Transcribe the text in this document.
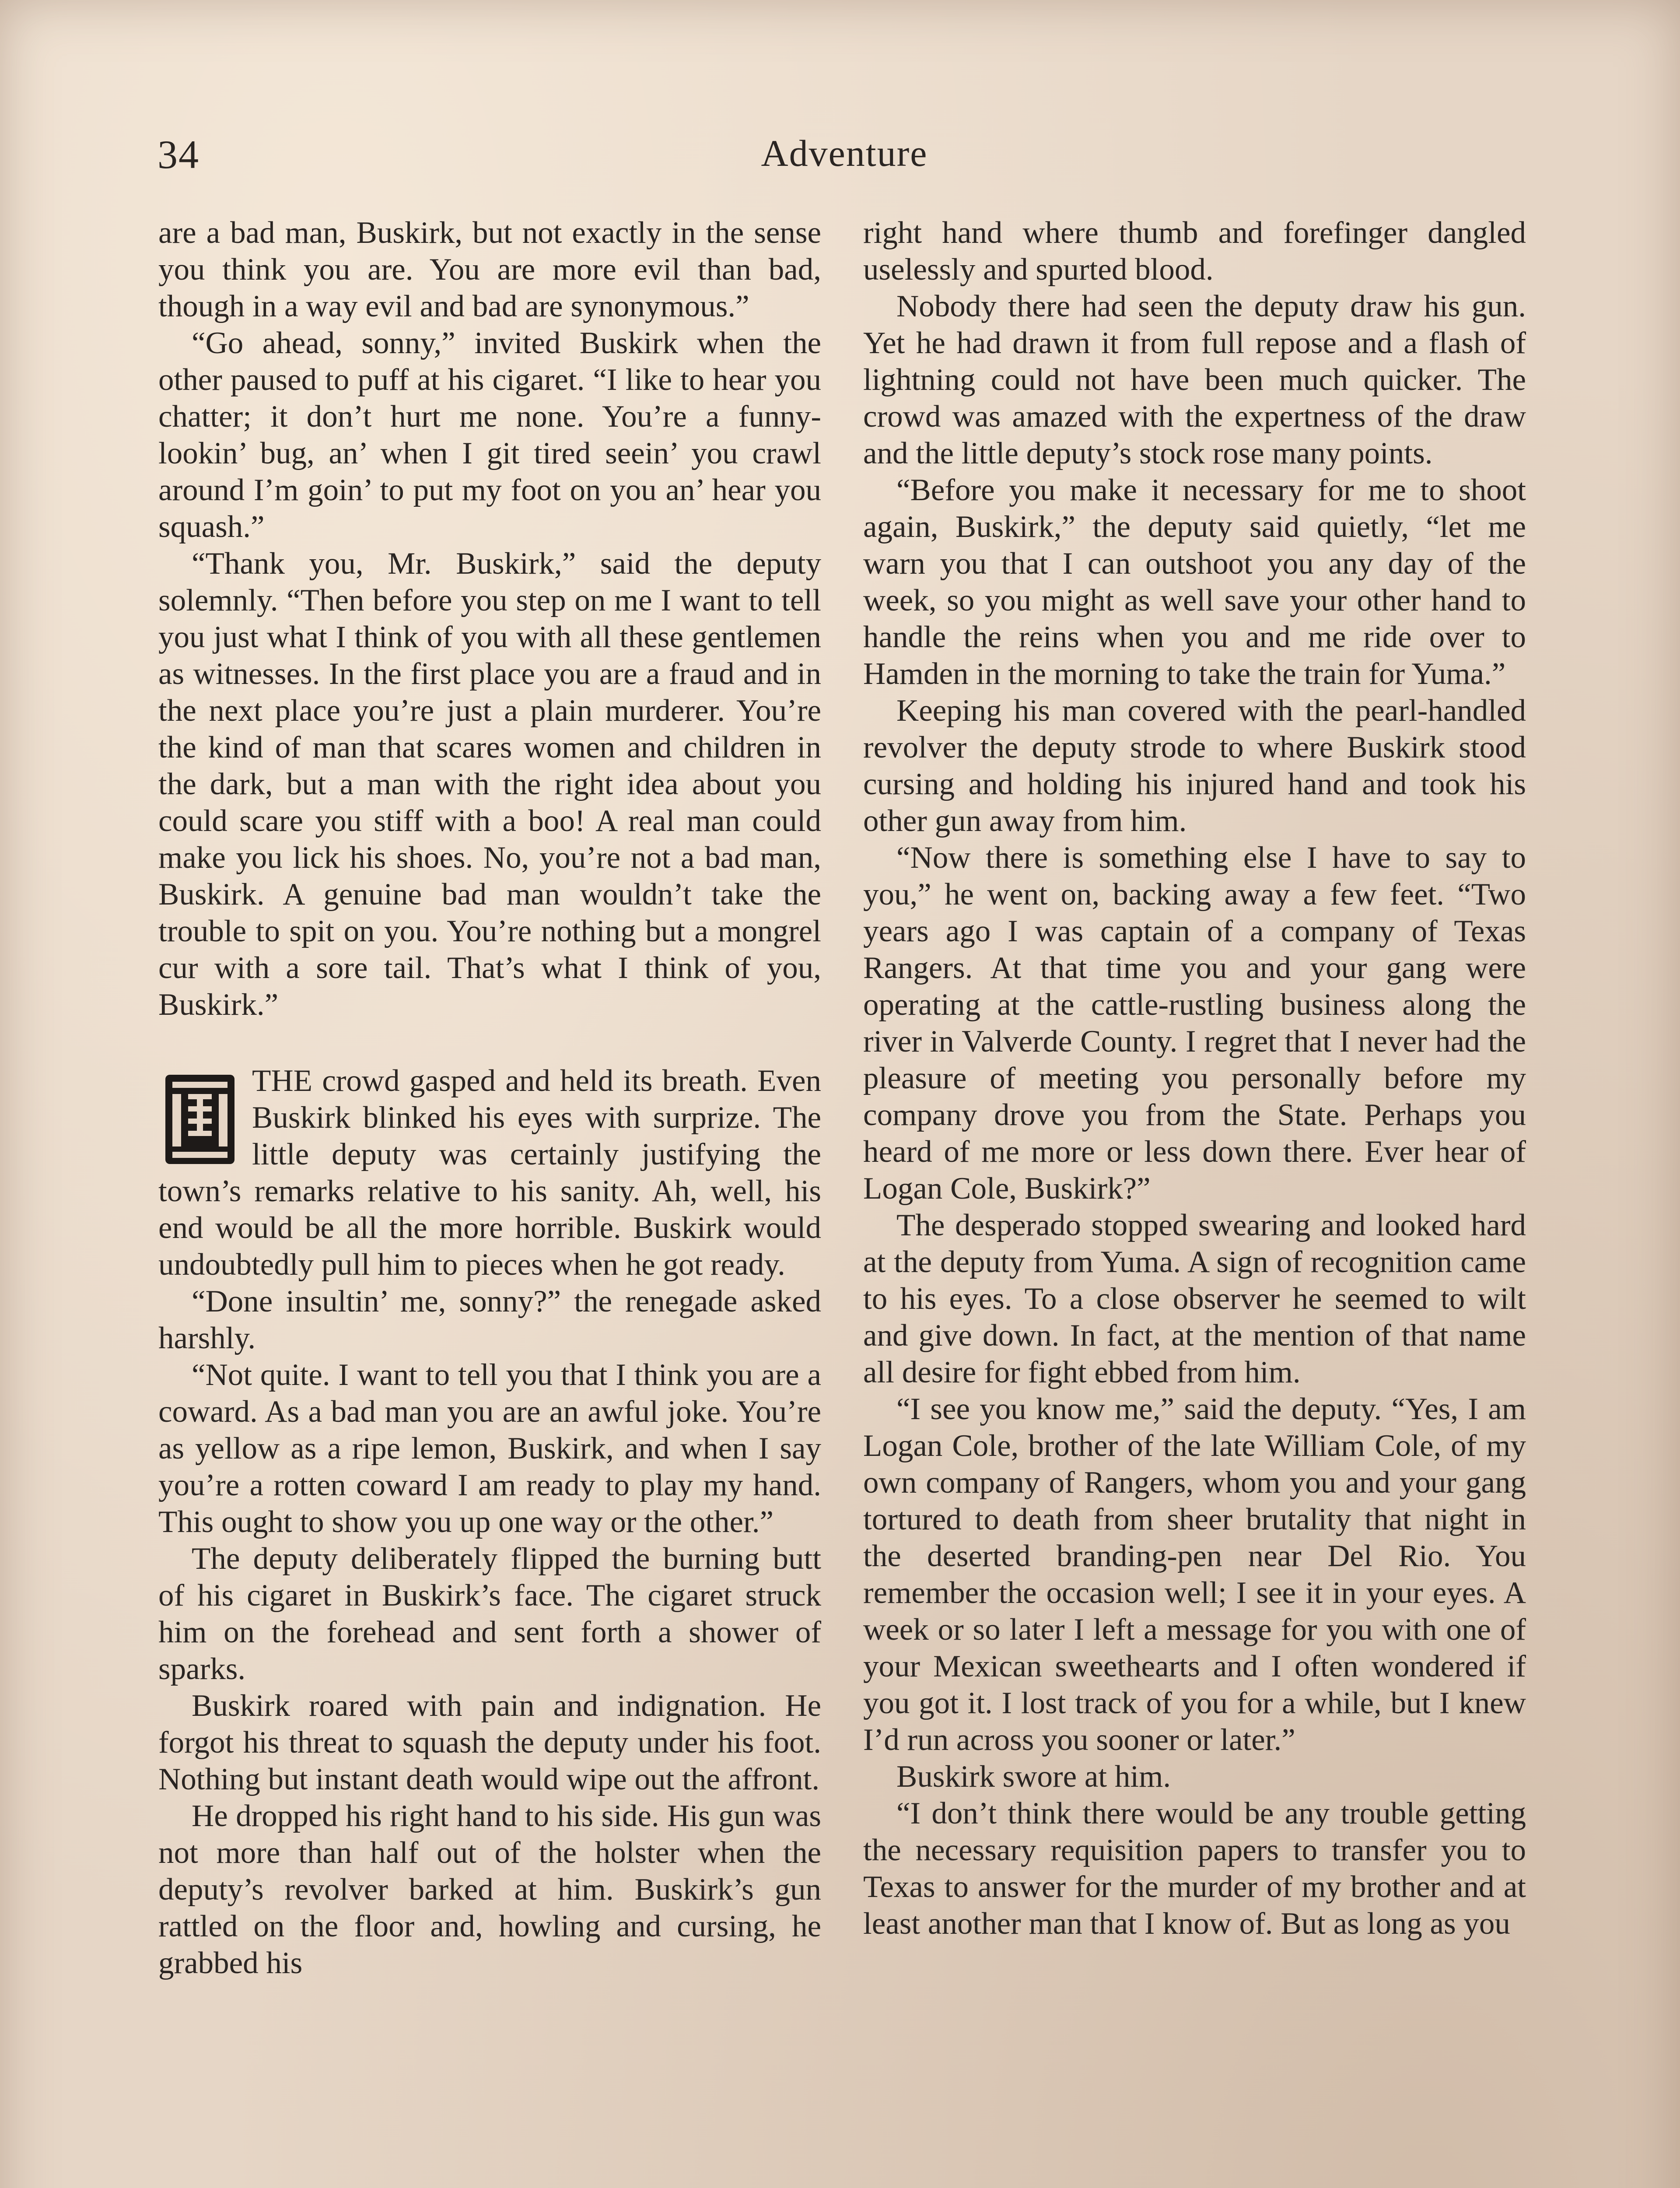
34	Adventure

are a bad man, Buskirk, but not exactly in the sense you think you are. You are more evil than bad, though in a way evil and bad are synonymous.”

“Go ahead, sonny,” invited Buskirk when the other paused to puff at his cigaret. “I like to hear you chatter; it don’t hurt me none. You’re a funny-lookin’ bug, an’ when I git tired seein’ you crawl around I’m goin’ to put my foot on you an’ hear you squash.”

“Thank you, Mr. Buskirk,” said the deputy solemnly. “Then before you step on me I want to tell you just what I think of you with all these gentlemen as witnesses. In the first place you are a fraud and in the next place you’re just a plain murderer. You’re the kind of man that scares women and children in the dark, but a man with the right idea about you could scare you stiff with a boo! A real man could make you lick his shoes. No, you’re not a bad man, Buskirk. A genuine bad man wouldn’t take the trouble to spit on you. You’re nothing but a mongrel cur with a sore tail. That’s what I think of you, Buskirk.”

THE crowd gasped and held its breath. Even Buskirk blinked his eyes with surprize. The little deputy was certainly justifying the town’s remarks relative to his sanity. Ah, well, his end would be all the more horrible. Buskirk would undoubtedly pull him to pieces when he got ready.

“Done insultin’ me, sonny?” the renegade asked harshly.

“Not quite. I want to tell you that I think you are a coward. As a bad man you are an awful joke. You’re as yellow as a ripe lemon, Buskirk, and when I say you’re a rotten coward I am ready to play my hand. This ought to show you up one way or the other.”

The deputy deliberately flipped the burning butt of his cigaret in Buskirk’s face. The cigaret struck him on the forehead and sent forth a shower of sparks.

Buskirk roared with pain and indignation. He forgot his threat to squash the deputy under his foot. Nothing but instant death would wipe out the affront.

He dropped his right hand to his side. His gun was not more than half out of the holster when the deputy’s revolver barked at him. Buskirk’s gun rattled on the floor and, howling and cursing, he grabbed his

right hand where thumb and forefinger dangled uselessly and spurted blood.

Nobody there had seen the deputy draw his gun. Yet he had drawn it from full repose and a flash of lightning could not have been much quicker. The crowd was amazed with the expertness of the draw and the little deputy’s stock rose many points.

“Before you make it necessary for me to shoot again, Buskirk,” the deputy said quietly, “let me warn you that I can outshoot you any day of the week, so you might as well save your other hand to handle the reins when you and me ride over to Hamden in the morning to take the train for Yuma.”

Keeping his man covered with the pearl-handled revolver the deputy strode to where Buskirk stood cursing and holding his injured hand and took his other gun away from him.

“Now there is something else I have to say to you,” he went on, backing away a few feet. “Two years ago I was captain of a company of Texas Rangers. At that time you and your gang were operating at the cattle-rustling business along the river in Valverde County. I regret that I never had the pleasure of meeting you personally before my company drove you from the State. Perhaps you heard of me more or less down there. Ever hear of Logan Cole, Buskirk?”

The desperado stopped swearing and looked hard at the deputy from Yuma. A sign of recognition came to his eyes. To a close observer he seemed to wilt and give down. In fact, at the mention of that name all desire for fight ebbed from him.

“I see you know me,” said the deputy. “Yes, I am Logan Cole, brother of the late William Cole, of my own company of Rangers, whom you and your gang tortured to death from sheer brutality that night in the deserted branding-pen near Del Rio. You remember the occasion well; I see it in your eyes. A week or so later I left a message for you with one of your Mexican sweethearts and I often wondered if you got it. I lost track of you for a while, but I knew I’d run across you sooner or later.”

Buskirk swore at him.

“I don’t think there would be any trouble getting the necessary requisition papers to transfer you to Texas to answer for the murder of my brother and at least another man that I know of. But as long as you
